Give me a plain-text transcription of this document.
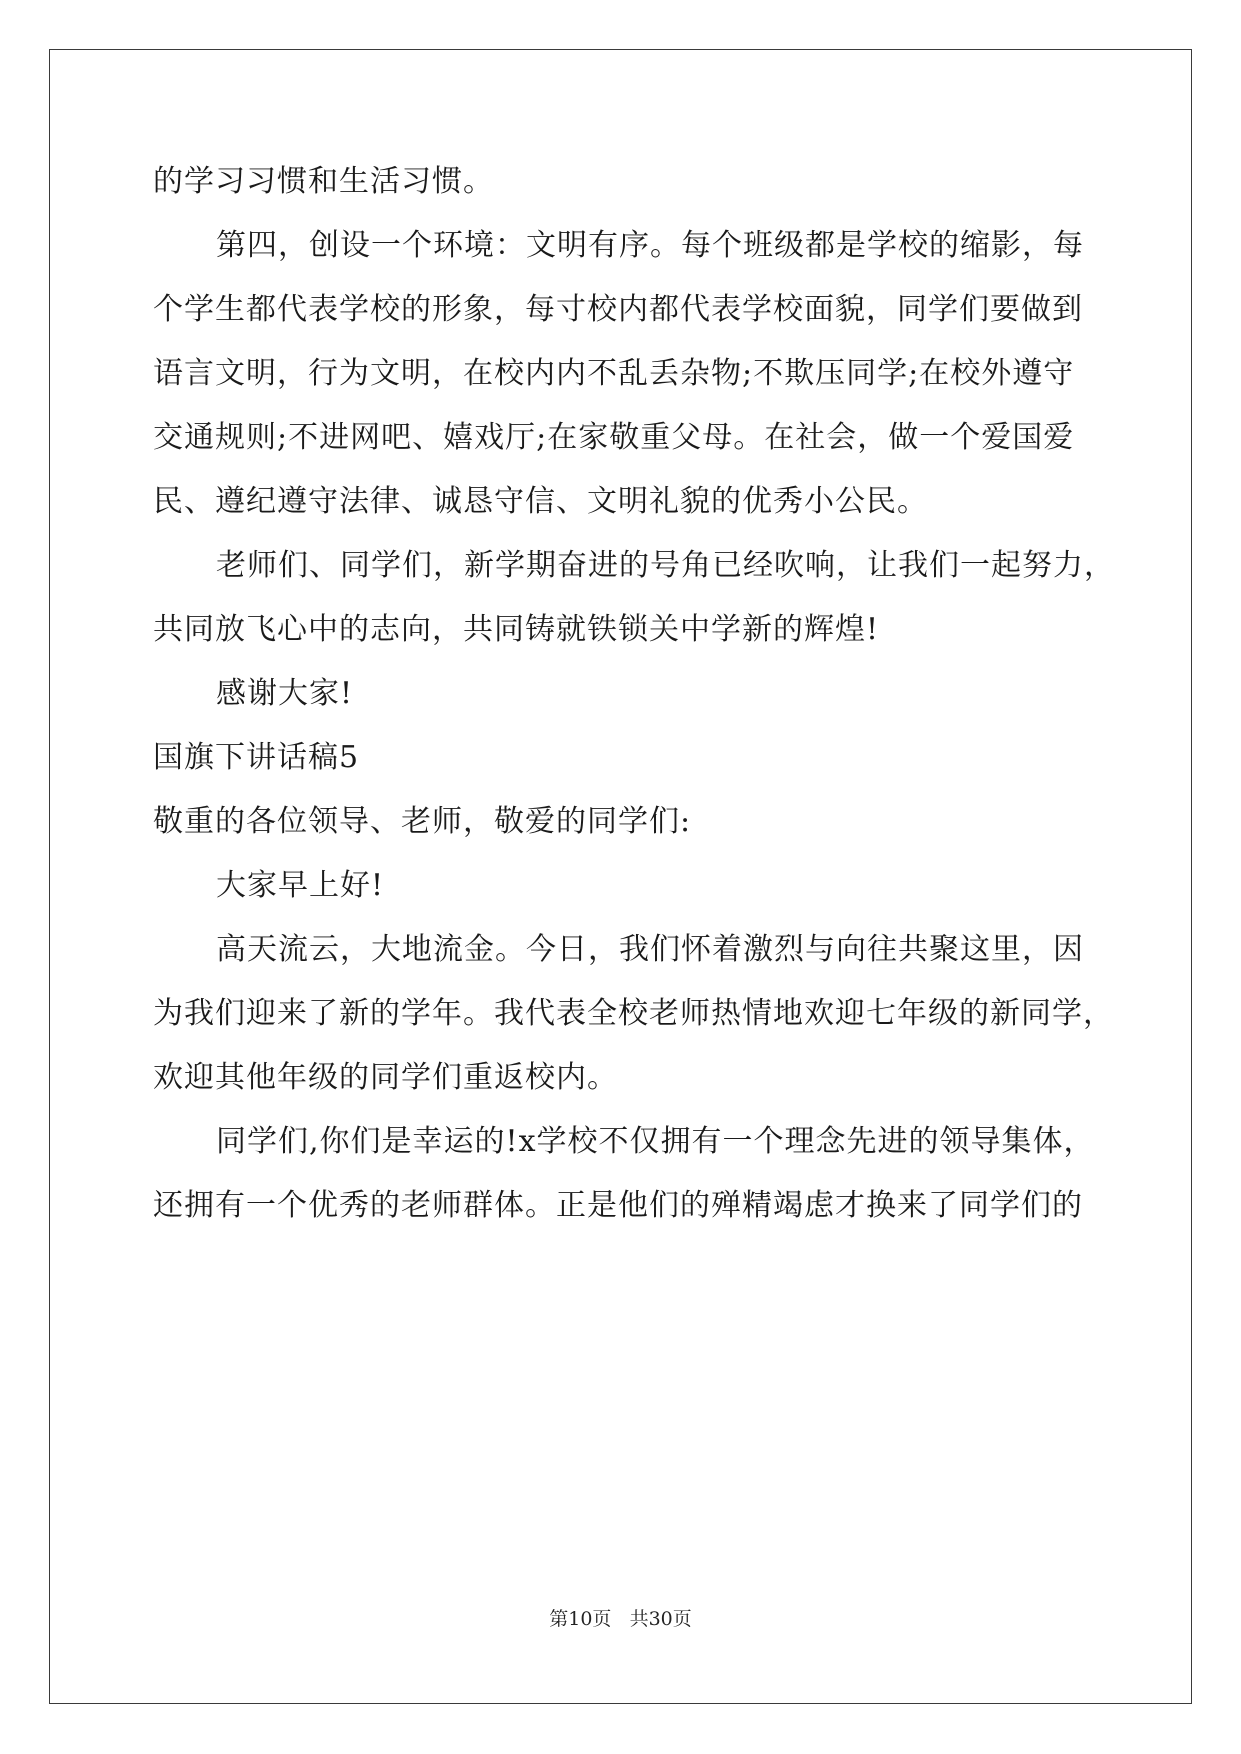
的学习习惯和生活习惯。
第四，创设一个环境：文明有序。每个班级都是学校的缩影，每
个学生都代表学校的形象，每寸校内都代表学校面貌，同学们要做到
语言文明，行为文明，在校内内不乱丢杂物;不欺压同学;在校外遵守
交通规则;不进网吧、嬉戏厅;在家敬重父母。在社会，做一个爱国爱
民、遵纪遵守法律、诚恳守信、文明礼貌的优秀小公民。
老师们、同学们，新学期奋进的号角已经吹响，让我们一起努力，
共同放飞心中的志向，共同铸就铁锁关中学新的辉煌!
感谢大家!
国旗下讲话稿5
敬重的各位领导、老师，敬爱的同学们:
大家早上好!
高天流云，大地流金。今日，我们怀着激烈与向往共聚这里，因
为我们迎来了新的学年。我代表全校老师热情地欢迎七年级的新同学，
欢迎其他年级的同学们重返校内。
同学们,你们是幸运的!x学校不仅拥有一个理念先进的领导集体，
还拥有一个优秀的老师群体。正是他们的殚精竭虑才换来了同学们的
第10页 共30页
